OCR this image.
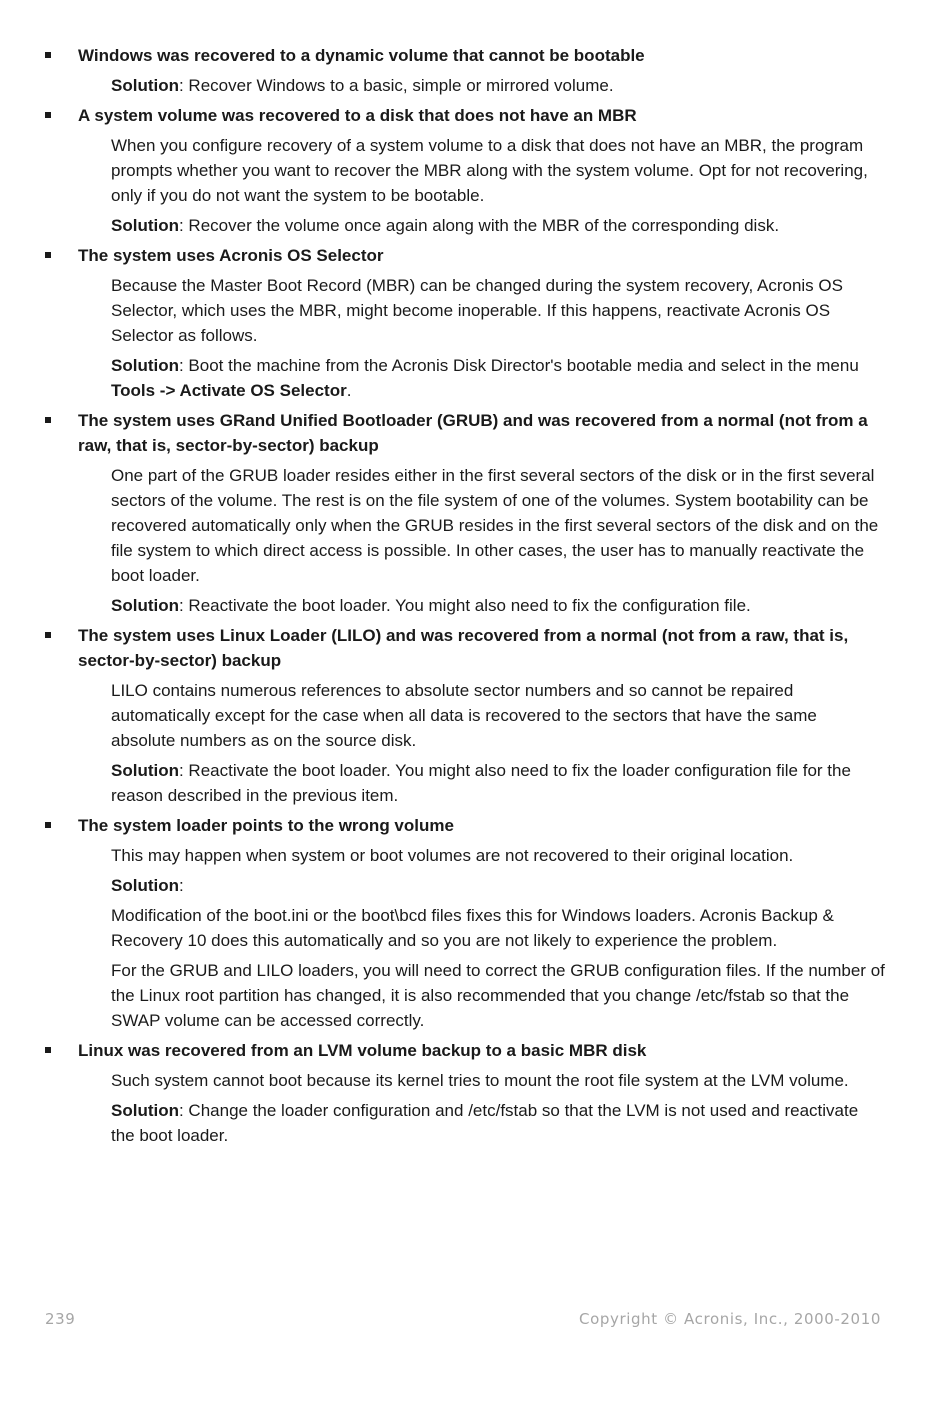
Windows was recovered to a dynamic volume that cannot be bootable
Solution: Recover Windows to a basic, simple or mirrored volume.
A system volume was recovered to a disk that does not have an MBR
When you configure recovery of a system volume to a disk that does not have an MBR, the program prompts whether you want to recover the MBR along with the system volume. Opt for not recovering, only if you do not want the system to be bootable.
Solution: Recover the volume once again along with the MBR of the corresponding disk.
The system uses Acronis OS Selector
Because the Master Boot Record (MBR) can be changed during the system recovery, Acronis OS Selector, which uses the MBR, might become inoperable. If this happens, reactivate Acronis OS Selector as follows.
Solution: Boot the machine from the Acronis Disk Director's bootable media and select in the menu Tools -> Activate OS Selector.
The system uses GRand Unified Bootloader (GRUB) and was recovered from a normal (not from a raw, that is, sector-by-sector) backup
One part of the GRUB loader resides either in the first several sectors of the disk or in the first several sectors of the volume. The rest is on the file system of one of the volumes. System bootability can be recovered automatically only when the GRUB resides in the first several sectors of the disk and on the file system to which direct access is possible. In other cases, the user has to manually reactivate the boot loader.
Solution: Reactivate the boot loader. You might also need to fix the configuration file.
The system uses Linux Loader (LILO) and was recovered from a normal (not from a raw, that is, sector-by-sector) backup
LILO contains numerous references to absolute sector numbers and so cannot be repaired automatically except for the case when all data is recovered to the sectors that have the same absolute numbers as on the source disk.
Solution: Reactivate the boot loader. You might also need to fix the loader configuration file for the reason described in the previous item.
The system loader points to the wrong volume
This may happen when system or boot volumes are not recovered to their original location.
Solution:
Modification of the boot.ini or the boot\bcd files fixes this for Windows loaders. Acronis Backup & Recovery 10 does this automatically and so you are not likely to experience the problem.
For the GRUB and LILO loaders, you will need to correct the GRUB configuration files. If the number of the Linux root partition has changed, it is also recommended that you change /etc/fstab so that the SWAP volume can be accessed correctly.
Linux was recovered from an LVM volume backup to a basic MBR disk
Such system cannot boot because its kernel tries to mount the root file system at the LVM volume.
Solution: Change the loader configuration and /etc/fstab so that the LVM is not used and reactivate the boot loader.
239	Copyright © Acronis, Inc., 2000-2010
